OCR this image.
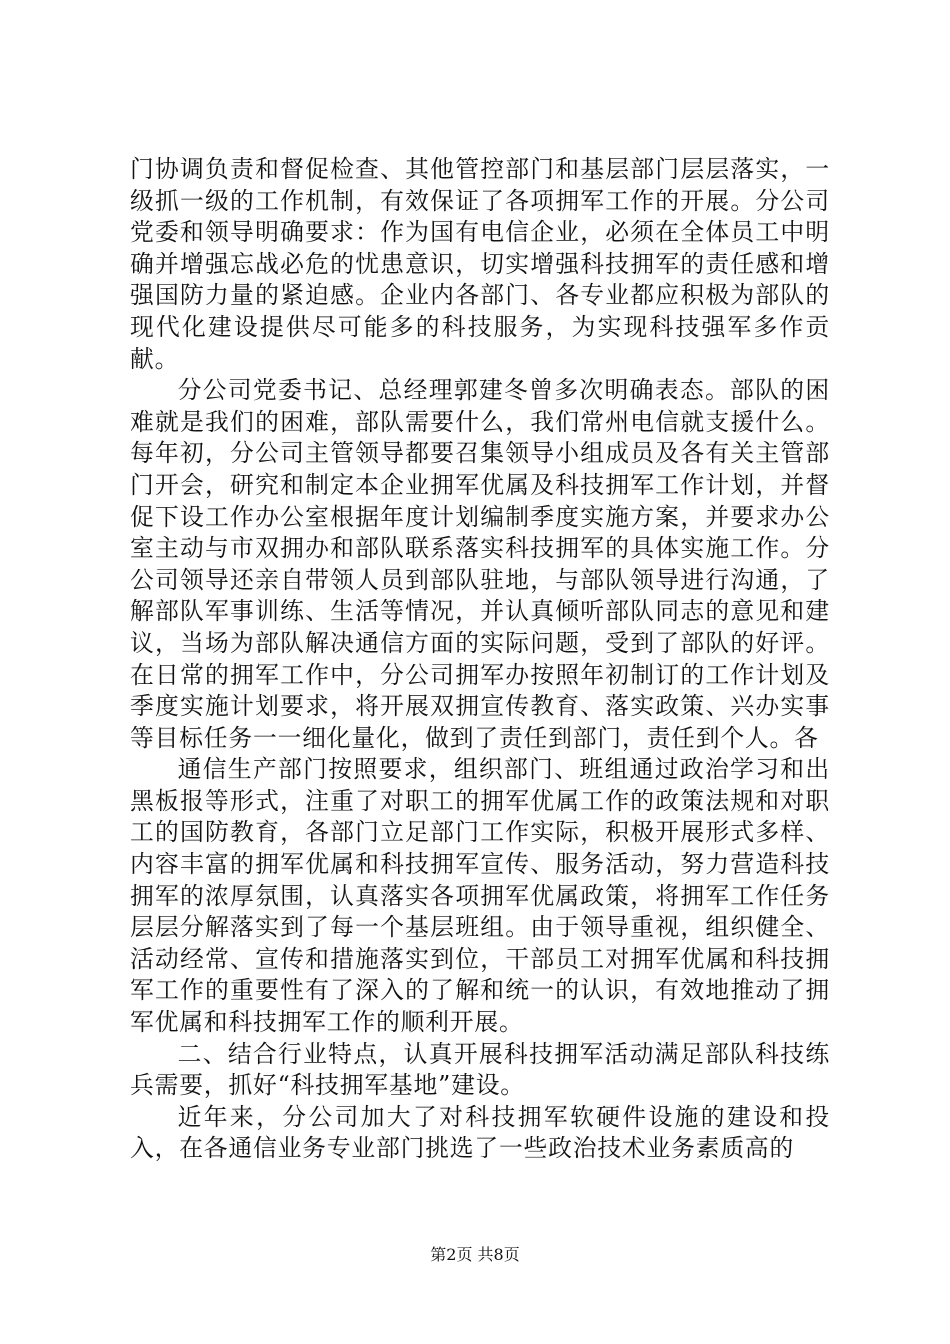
门协调负责和督促检查、其他管控部门和基层部门层层落实，一级抓一级的工作机制，有效保证了各项拥军工作的开展。分公司党委和领导明确要求：作为国有电信企业，必须在全体员工中明确并增强忘战必危的忧患意识，切实增强科技拥军的责任感和增强国防力量的紧迫感。企业内各部门、各专业都应积极为部队的现代化建设提供尽可能多的科技服务，为实现科技强军多作贡献。

分公司党委书记、总经理郭建冬曾多次明确表态。部队的困难就是我们的困难，部队需要什么，我们常州电信就支援什么。每年初，分公司主管领导都要召集领导小组成员及各有关主管部门开会，研究和制定本企业拥军优属及科技拥军工作计划，并督促下设工作办公室根据年度计划编制季度实施方案，并要求办公室主动与市双拥办和部队联系落实科技拥军的具体实施工作。分公司领导还亲自带领人员到部队驻地，与部队领导进行沟通，了解部队军事训练、生活等情况，并认真倾听部队同志的意见和建议，当场为部队解决通信方面的实际问题，受到了部队的好评。在日常的拥军工作中，分公司拥军办按照年初制订的工作计划及季度实施计划要求，将开展双拥宣传教育、落实政策、兴办实事等目标任务一一细化量化，做到了责任到部门，责任到个人。各

通信生产部门按照要求，组织部门、班组通过政治学习和出黑板报等形式，注重了对职工的拥军优属工作的政策法规和对职工的国防教育，各部门立足部门工作实际，积极开展形式多样、内容丰富的拥军优属和科技拥军宣传、服务活动，努力营造科技拥军的浓厚氛围，认真落实各项拥军优属政策，将拥军工作任务层层分解落实到了每一个基层班组。由于领导重视，组织健全、活动经常、宣传和措施落实到位，干部员工对拥军优属和科技拥军工作的重要性有了深入的了解和统一的认识，有效地推动了拥军优属和科技拥军工作的顺利开展。

二、结合行业特点，认真开展科技拥军活动满足部队科技练兵需要，抓好“科技拥军基地”建设。

近年来，分公司加大了对科技拥军软硬件设施的建设和投入，在各通信业务专业部门挑选了一些政治技术业务素质高的

第2页 共8页
